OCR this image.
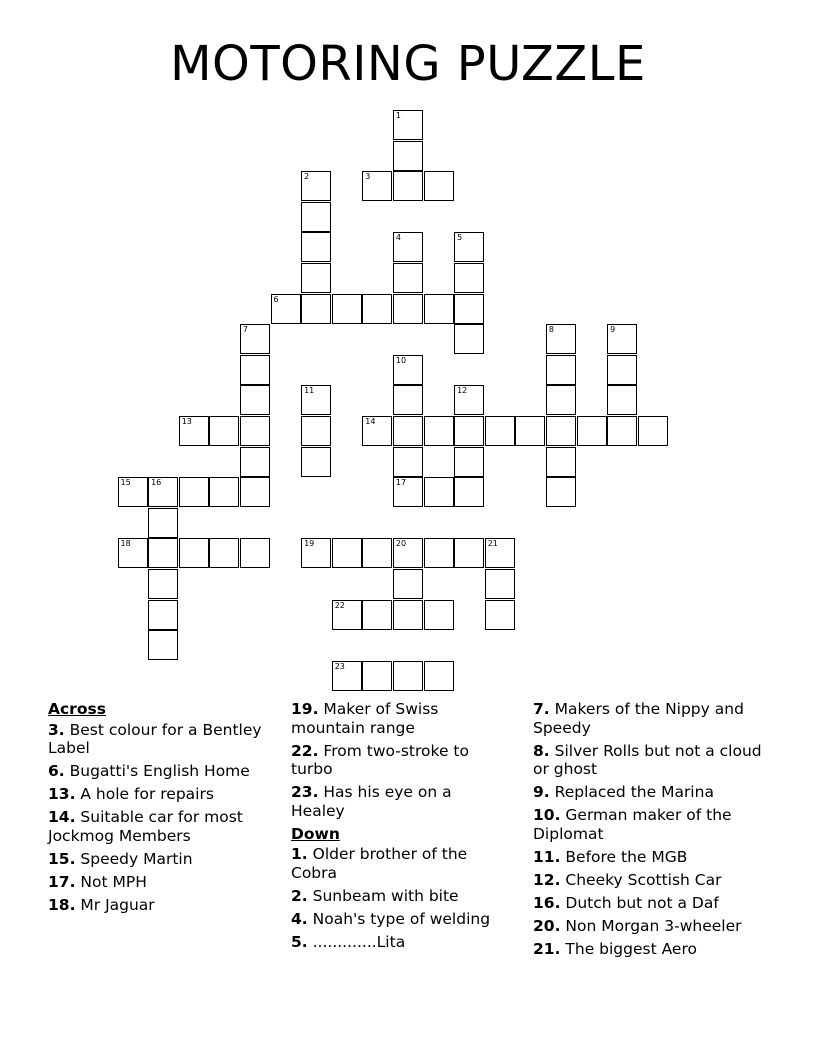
MOTORING PUZZLE
1
2	3
4	5
6
7	8	9
10
11	12
13	14
15	16	17
18	19	20	21
22
23
Across
3. Best colour for a Bentley Label
6. Bugatti's English Home
13. A hole for repairs
14. Suitable car for most Jockmog Members
15. Speedy Martin
17. Not MPH
18. Mr Jaguar
19. Maker of Swiss mountain range
22. From two-stroke to turbo
23. Has his eye on a Healey
Down
1. Older brother of the Cobra
2. Sunbeam with bite
4. Noah's type of welding
5. .............Lita
7. Makers of the Nippy and Speedy
8. Silver Rolls but not a cloud or ghost
9. Replaced the Marina
10. German maker of the Diplomat
11. Before the MGB
12. Cheeky Scottish Car
16. Dutch but not a Daf
20. Non Morgan 3-wheeler
21. The biggest Aero
